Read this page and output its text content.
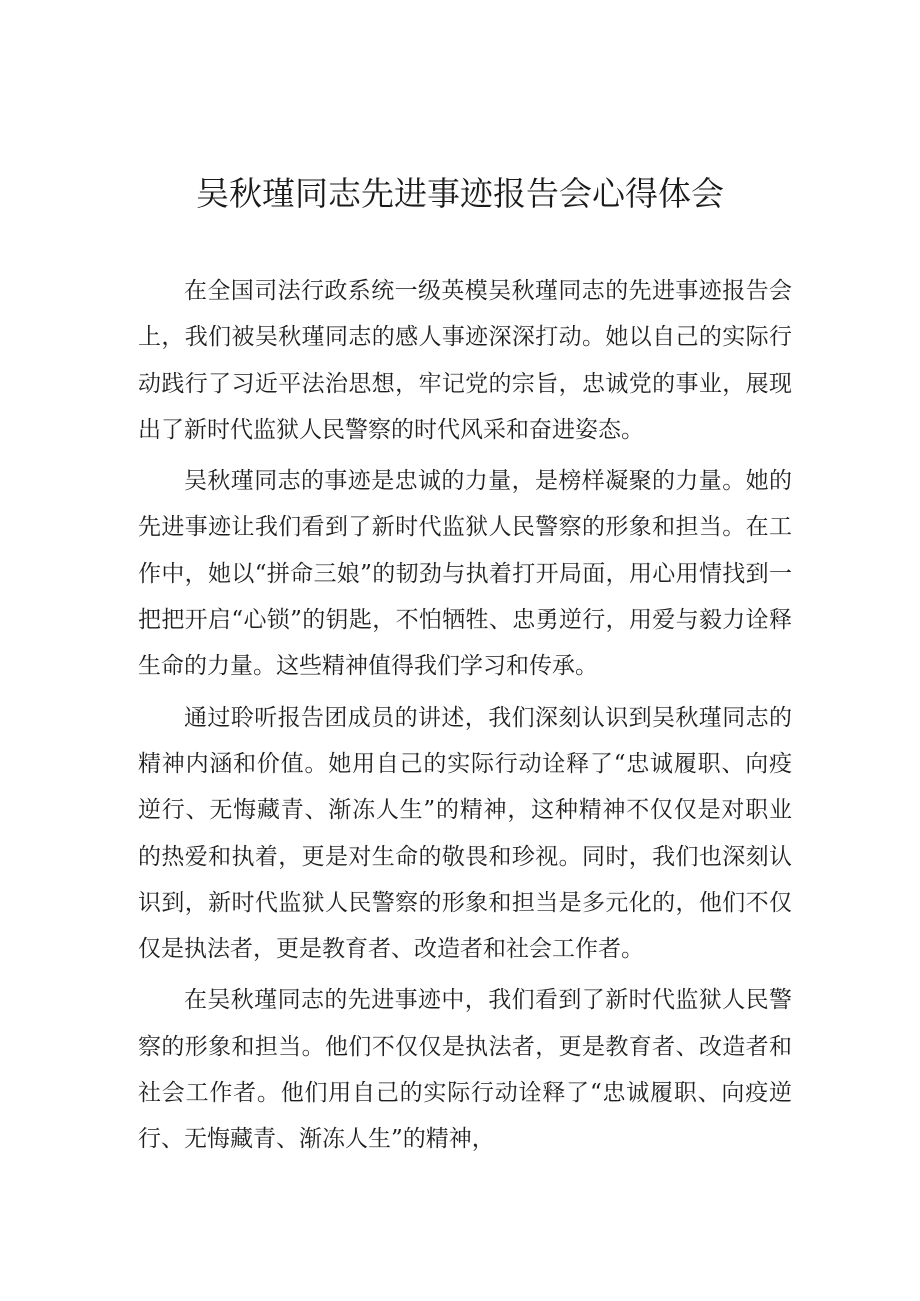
吴秋瑾同志先进事迹报告会心得体会

在全国司法行政系统一级英模吴秋瑾同志的先进事迹报告会上，我们被吴秋瑾同志的感人事迹深深打动。她以自己的实际行动践行了习近平法治思想，牢记党的宗旨，忠诚党的事业，展现出了新时代监狱人民警察的时代风采和奋进姿态。

吴秋瑾同志的事迹是忠诚的力量，是榜样凝聚的力量。她的先进事迹让我们看到了新时代监狱人民警察的形象和担当。在工作中，她以“拼命三娘”的韧劲与执着打开局面，用心用情找到一把把开启“心锁”的钥匙，不怕牺牲、忠勇逆行，用爱与毅力诠释生命的力量。这些精神值得我们学习和传承。

通过聆听报告团成员的讲述，我们深刻认识到吴秋瑾同志的精神内涵和价值。她用自己的实际行动诠释了“忠诚履职、向疫逆行、无悔藏青、渐冻人生”的精神，这种精神不仅仅是对职业的热爱和执着，更是对生命的敬畏和珍视。同时，我们也深刻认识到，新时代监狱人民警察的形象和担当是多元化的，他们不仅仅是执法者，更是教育者、改造者和社会工作者。

在吴秋瑾同志的先进事迹中，我们看到了新时代监狱人民警察的形象和担当。他们不仅仅是执法者，更是教育者、改造者和社会工作者。他们用自己的实际行动诠释了“忠诚履职、向疫逆行、无悔藏青、渐冻人生”的精神，
